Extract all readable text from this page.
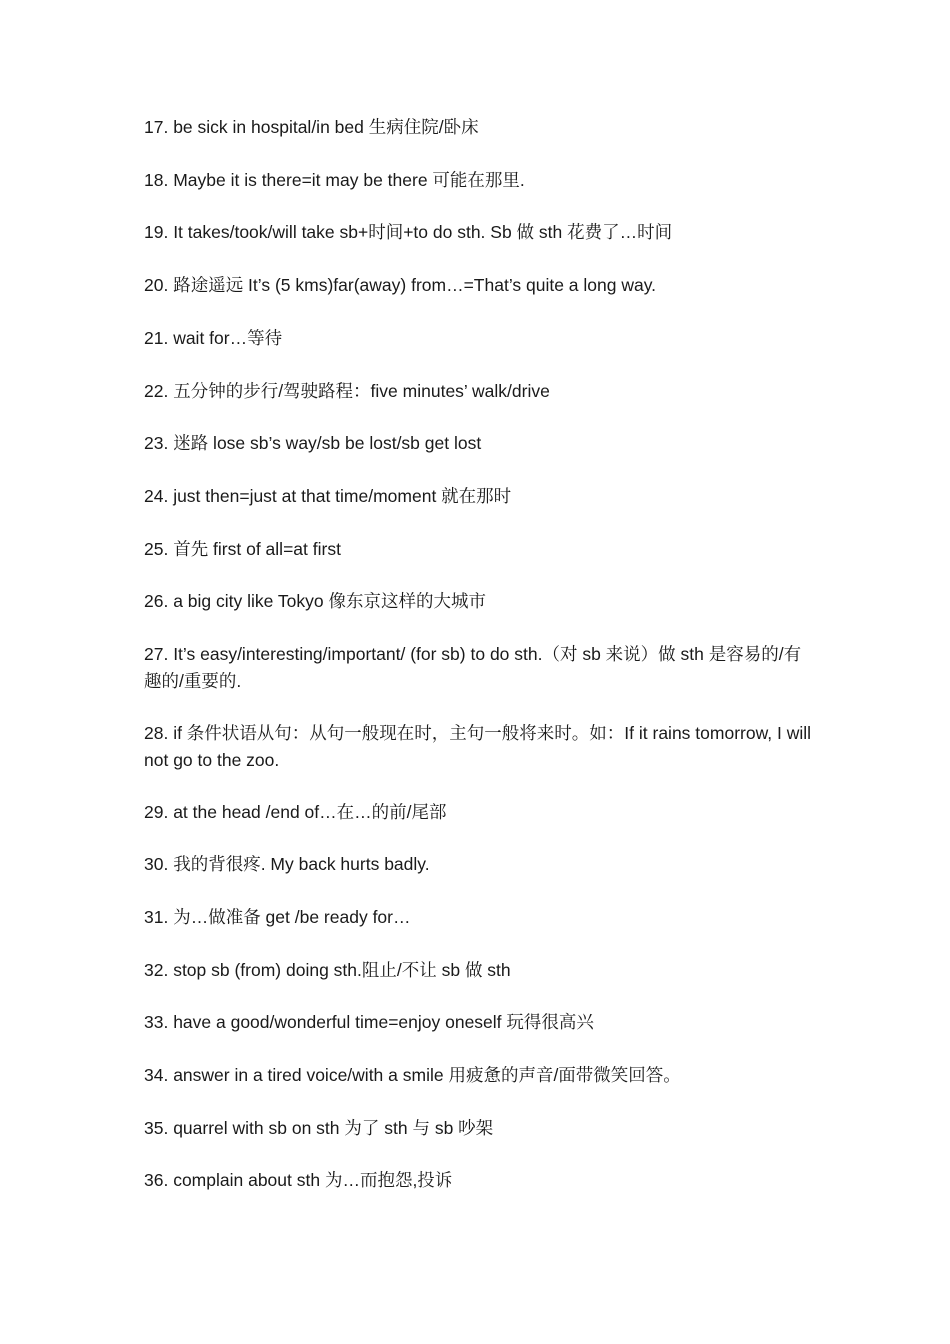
17. be sick in hospital/in bed 生病住院/卧床
18. Maybe it is there=it may be there 可能在那里.
19. It takes/took/will take sb+时间+to do sth. Sb 做 sth 花费了…时间
20. 路途遥远 It’s (5 kms)far(away) from…=That’s quite a long way.
21. wait for…等待
22. 五分钟的步行/驾驶路程：five minutes’ walk/drive
23. 迷路 lose sb’s way/sb be lost/sb get lost
24. just then=just at that time/moment 就在那时
25. 首先 first of all=at first
26. a big city like Tokyo 像东京这样的大城市
27. It’s easy/interesting/important/ (for sb) to do sth.（对 sb 来说）做 sth 是容易的/有趣的/重要的.
28. if 条件状语从句：从句一般现在时，主句一般将来时。如：If it rains tomorrow, I will not go to the zoo.
29. at the head /end of…在…的前/尾部
30. 我的背很疼. My back hurts badly.
31. 为…做准备 get /be ready for…
32. stop sb (from) doing sth.阻止/不让 sb 做 sth
33. have a good/wonderful time=enjoy oneself 玩得很高兴
34. answer in a tired voice/with a smile 用疲惫的声音/面带微笑回答。
35. quarrel with sb on sth 为了 sth 与 sb 吵架
36. complain about sth 为…而抱怨,投诉
